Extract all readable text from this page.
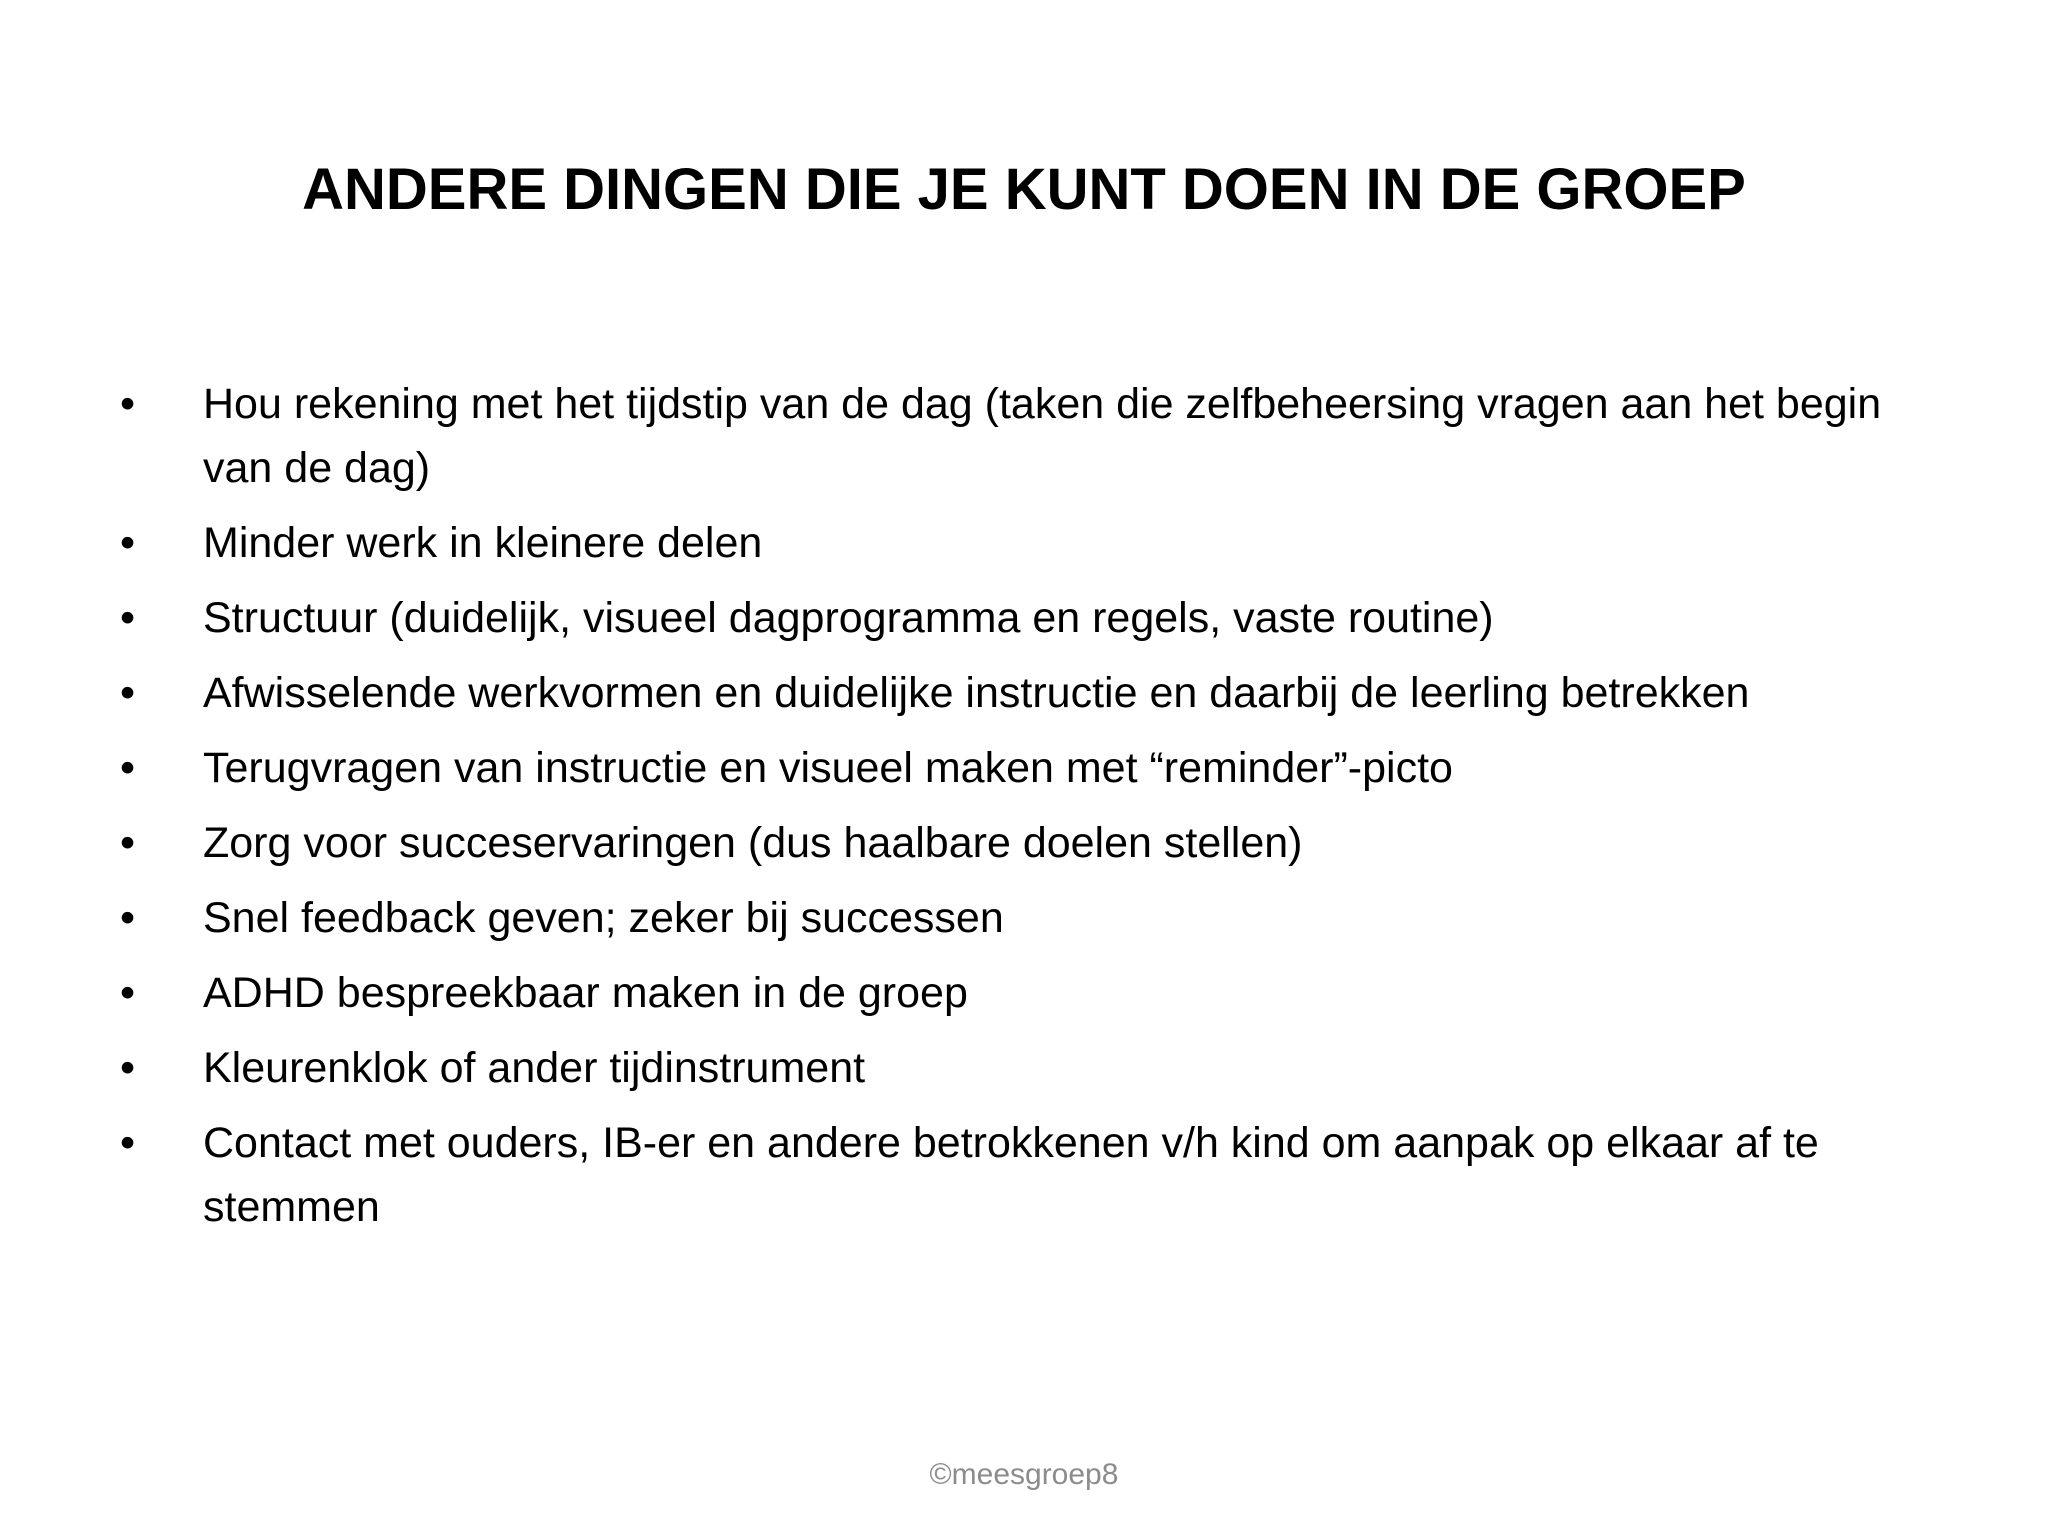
ANDERE DINGEN DIE JE KUNT DOEN IN DE GROEP
•	Hou rekening met het tijdstip van de dag (taken die zelfbeheersing vragen aan het begin van de dag)
•	Minder werk in kleinere delen
•	Structuur (duidelijk, visueel dagprogramma en regels, vaste routine)
•	Afwisselende werkvormen en duidelijke instructie en daarbij de leerling betrekken
•	Terugvragen van instructie en visueel maken met “reminder”-picto
•	Zorg voor succeservaringen (dus haalbare doelen stellen)
•	Snel feedback geven; zeker bij successen
•	ADHD bespreekbaar maken in de groep
•	Kleurenklok of ander tijdinstrument
•	Contact met ouders, IB-er en andere betrokkenen v/h kind om aanpak op elkaar af te stemmen
©meesgroep8
